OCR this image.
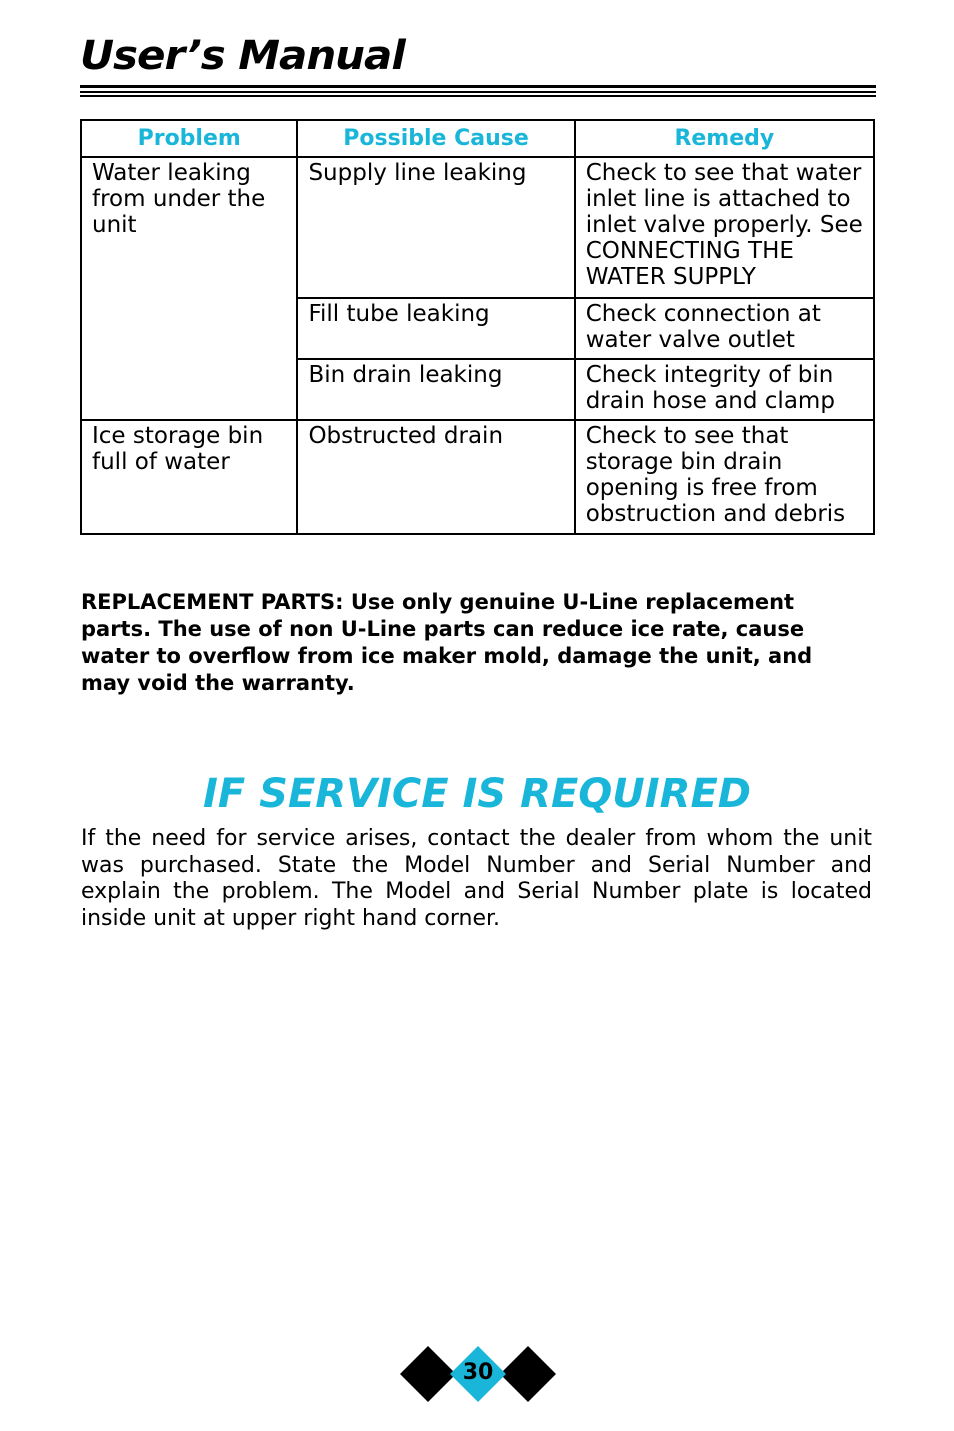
User’s Manual
Problem	Possible Cause	Remedy
Water leaking from under the unit	Supply line leaking	Check to see that water inlet line is attached to inlet valve properly. See CONNECTING THE WATER SUPPLY
	Fill tube leaking	Check connection at water valve outlet
	Bin drain leaking	Check integrity of bin drain hose and clamp
Ice storage bin full of water	Obstructed drain	Check to see that storage bin drain opening is free from obstruction and debris

REPLACEMENT PARTS: Use only genuine U-Line replacement parts. The use of non U-Line parts can reduce ice rate, cause water to overflow from ice maker mold, damage the unit, and may void the warranty.

IF SERVICE IS REQUIRED

If the need for service arises, contact the dealer from whom the unit was purchased. State the Model Number and Serial Number and explain the problem. The Model and Serial Number plate is located inside unit at upper right hand corner.

30
